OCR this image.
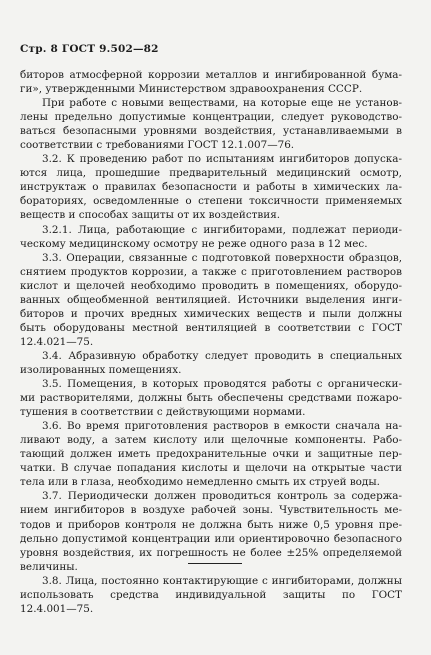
Стр. 8 ГОСТ 9.502—82
биторов атмосферной коррозии металлов и ингибированной бума-
ги», утвержденными Министерством здравоохранения СССР.
При работе с новыми веществами, на которые еще не установ-
лены предельно допустимые концентрации, следует руководство-
ваться безопасными уровнями воздействия, устанавливаемыми в
соответствии с требованиями ГОСТ 12.1.007—76.
3.2. К проведению работ по испытаниям ингибиторов допуска-
ются лица, прошедшие предварительный медицинский осмотр,
инструктаж о правилах безопасности и работы в химических ла-
бораториях, осведомленные о степени токсичности применяемых
веществ и способах защиты от их воздействия.
3.2.1. Лица, работающие с ингибиторами, подлежат периоди-
ческому медицинскому осмотру не реже одного раза в 12 мес.
3.3. Операции, связанные с подготовкой поверхности образцов,
снятием продуктов коррозии, а также с приготовлением растворов
кислот и щелочей необходимо проводить в помещениях, оборудо-
ванных общеобменной вентиляцией. Источники выделения инги-
биторов и прочих вредных химических веществ и пыли должны
быть оборудованы местной вентиляцией в соответствии с ГОСТ
12.4.021—75.
3.4. Абразивную обработку следует проводить в специальных
изолированных помещениях.
3.5. Помещения, в которых проводятся работы с органически-
ми растворителями, должны быть обеспечены средствами пожаро-
тушения в соответствии с действующими нормами.
3.6. Во время приготовления растворов в емкости сначала на-
ливают воду, а затем кислоту или щелочные компоненты. Рабо-
тающий должен иметь предохранительные очки и защитные пер-
чатки. В случае попадания кислоты и щелочи на открытые части
тела или в глаза, необходимо немедленно смыть их струей воды.
3.7. Периодически должен проводиться контроль за содержа-
нием ингибиторов в воздухе рабочей зоны. Чувствительность ме-
тодов и приборов контроля не должна быть ниже 0,5 уровня пре-
дельно допустимой концентрации или ориентировочно безопасного
уровня воздействия, их погрешность не более ±25% определяемой
величины.
3.8. Лица, постоянно контактирующие с ингибиторами, должны
использовать средства индивидуальной защиты по ГОСТ
12.4.001—75.
